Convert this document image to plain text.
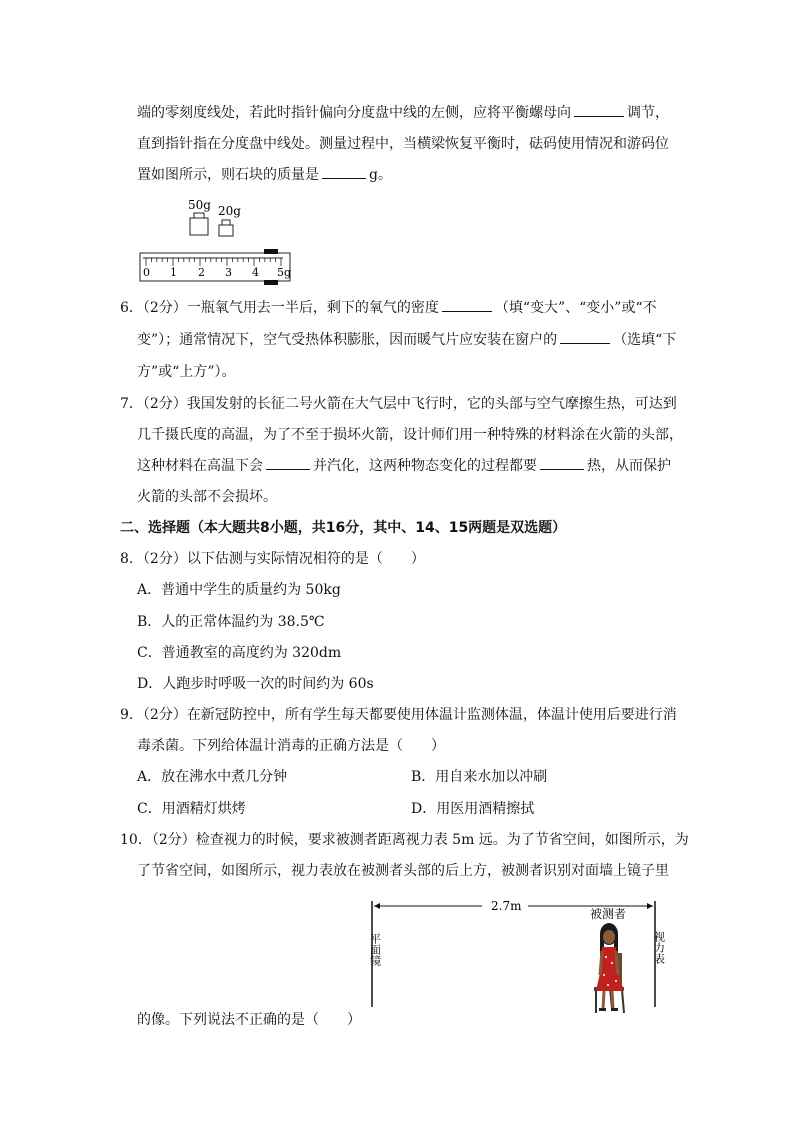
端的零刻度线处，若此时指针偏向分度盘中线的左侧，应将平衡螺母向	调节，
直到指针指在分度盘中线处。测量过程中，当横梁恢复平衡时，砝码使用情况和游码位
置如图所示，则石块的质量是	g。
50g 20g
0 1 2 3 4 5g
6．（2分）一瓶氧气用去一半后，剩下的氧气的密度	（填“变大”、“变小”或“不
变”）；通常情况下，空气受热体积膨胀，因而暖气片应安装在窗户的	（选填“下
方”或“上方”）。
7．（2分）我国发射的长征二号火箭在大气层中飞行时，它的头部与空气摩擦生热，可达到
几千摄氏度的高温，为了不至于损坏火箭，设计师们用一种特殊的材料涂在火箭的头部，
这种材料在高温下会	并汽化，这两种物态变化的过程都要	热，从而保护
火箭的头部不会损坏。
二、选择题（本大题共8小题，共16分，其中、14、15两题是双选题）
8．（2分）以下估测与实际情况相符的是（　　）
A．普通中学生的质量约为 50kg
B．人的正常体温约为 38.5℃
C．普通教室的高度约为 320dm
D．人跑步时呼吸一次的时间约为 60s
9．（2分）在新冠防控中，所有学生每天都要使用体温计监测体温，体温计使用后要进行消
毒杀菌。下列给体温计消毒的正确方法是（　　）
A．放在沸水中煮几分钟	B．用自来水加以冲刷
C．用酒精灯烘烤	D．用医用酒精擦拭
10．（2分）检查视力的时候，要求被测者距离视力表 5m 远。为了节省空间，如图所示，为
了节省空间，如图所示，视力表放在被测者头部的后上方，被测者识别对面墙上镜子里
2.7m
平面镜	视力表
被测者
的像。下列说法不正确的是（　　）
